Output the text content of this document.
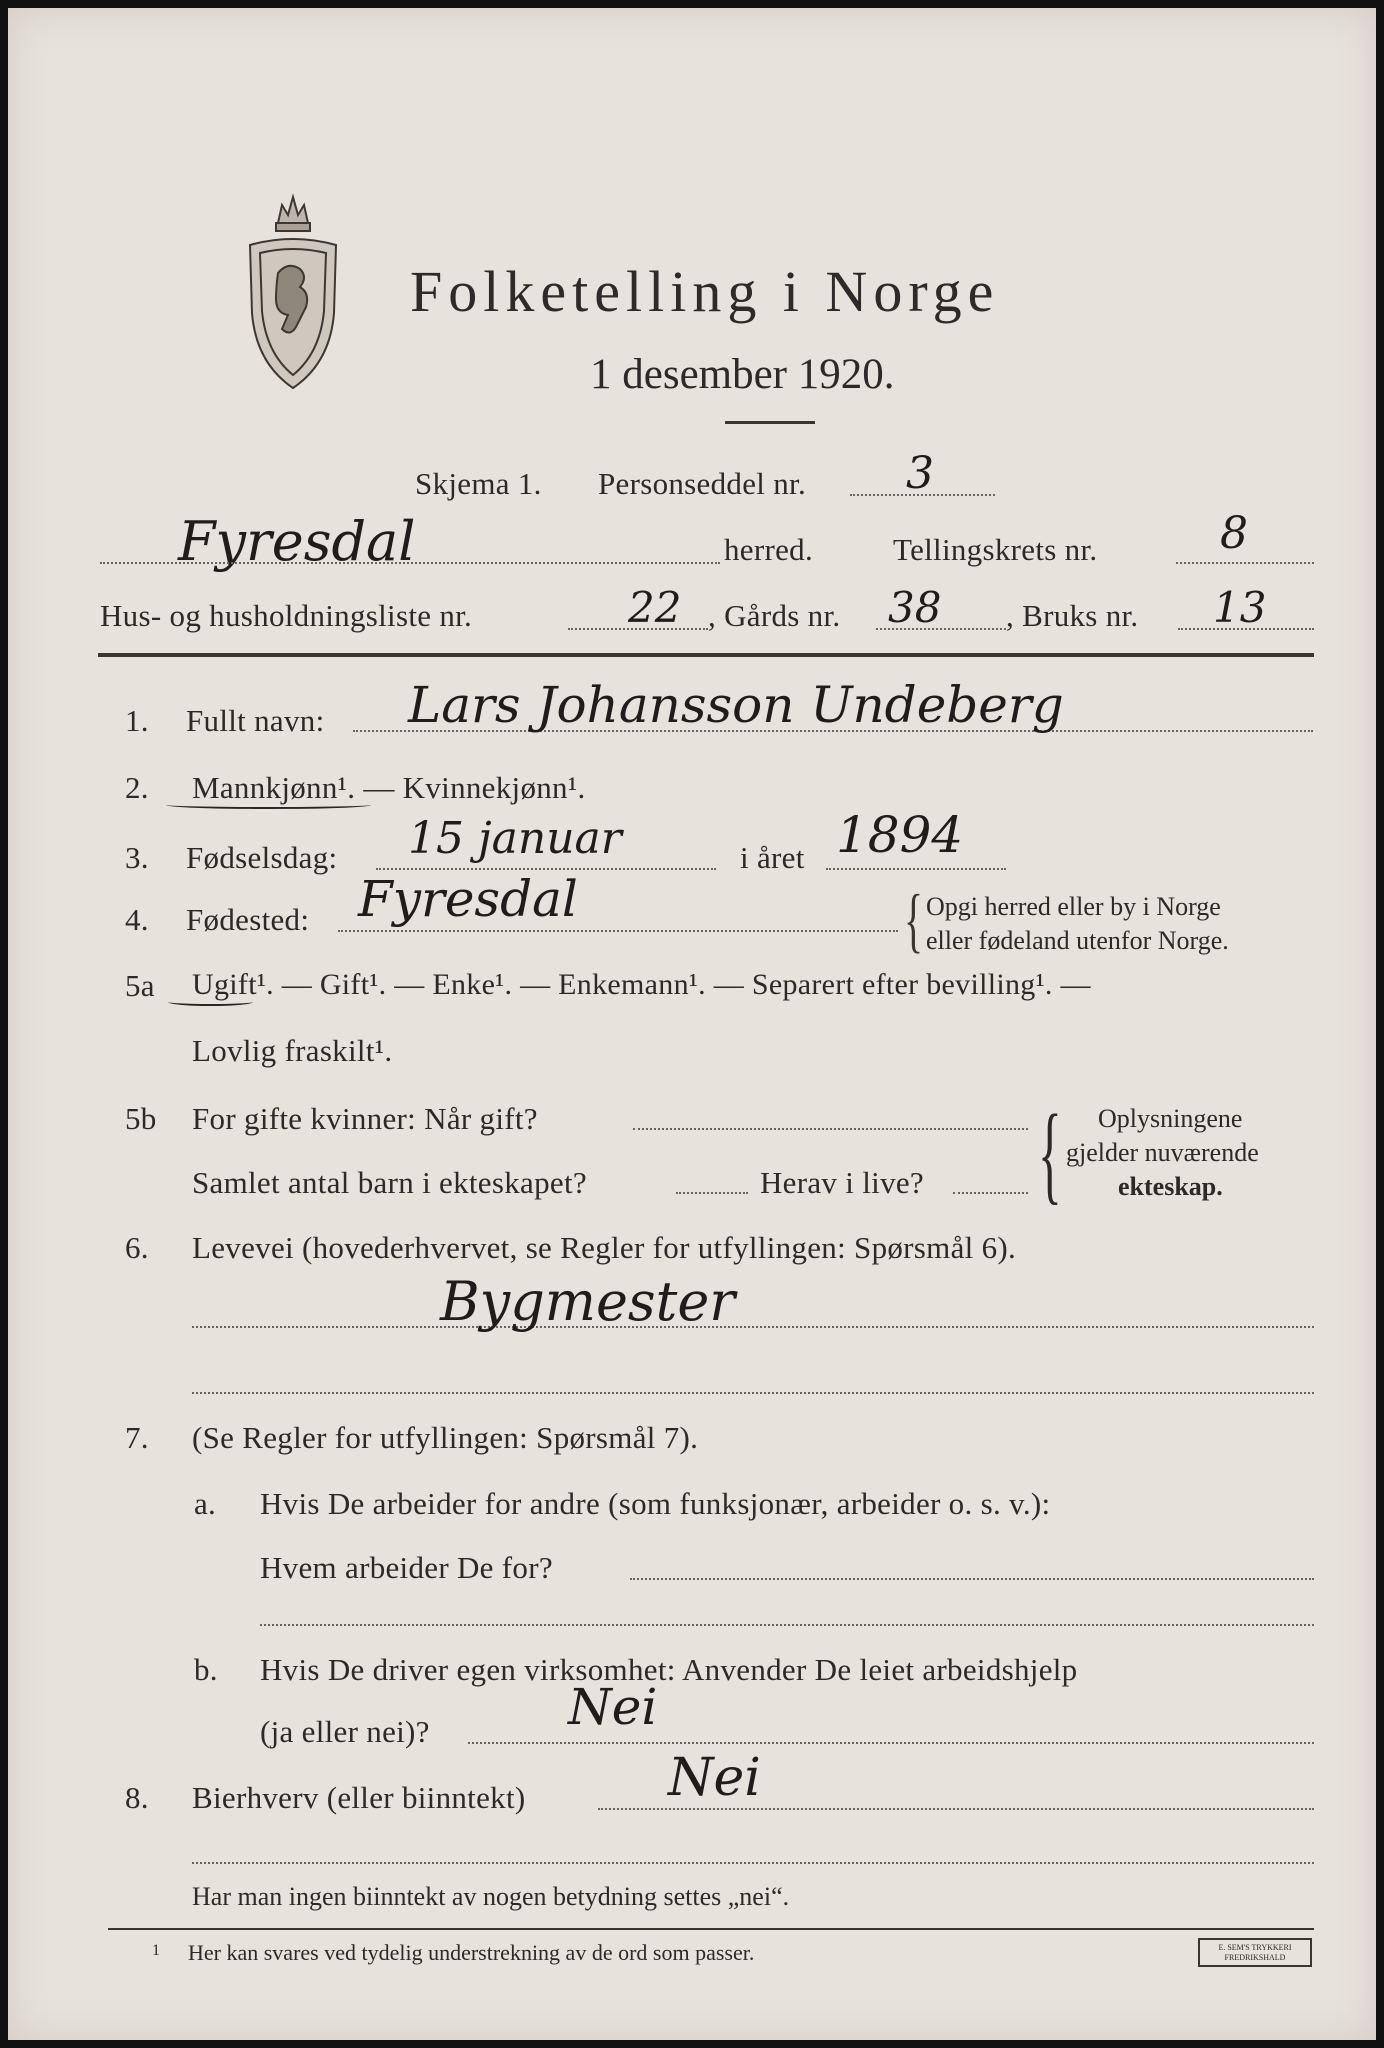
Folketelling i Norge
1 desember 1920.
Skjema 1. Personseddel nr. 3
Fyresdal	herred.	Tellingskrets nr.	8
Hus- og husholdningsliste nr.	22 , Gårds nr. 38 , Bruks nr. 13
1. Fullt navn: Lars Johansson Undeberg
2. Mannkjønn¹. — Kvinnekjønn¹.
3. Fødselsdag: 15 januar	i året 1894
4. Fødested: Fyresdal	{ Opgi herred eller by i Norge
eller fødeland utenfor Norge.
5a Ugift¹. — Gift¹. — Enke¹. — Enkemann¹. — Separert efter bevilling¹. —
Lovlig fraskilt¹.
5b For gifte kvinner: Når gift?
Samlet antal barn i ekteskapet?	Herav i live? { Oplysningene
gjelder nuværende
ekteskap.
6. Levevei (hovederhvervet, se Regler for utfyllingen: Spørsmål 6).
Bygmester
7. (Se Regler for utfyllingen: Spørsmål 7).
a. Hvis De arbeider for andre (som funksjonær, arbeider o. s. v.):
Hvem arbeider De for?
b. Hvis De driver egen virksomhet: Anvender De leiet arbeidshjelp
(ja eller nei)?	Nei
8. Bierhverv (eller biinntekt)	Nei
Har man ingen biinntekt av nogen betydning settes „nei“.
1 Her kan svares ved tydelig understrekning av de ord som passer.	E. SEM'S TRYKKERI FREDRIKSHALD
